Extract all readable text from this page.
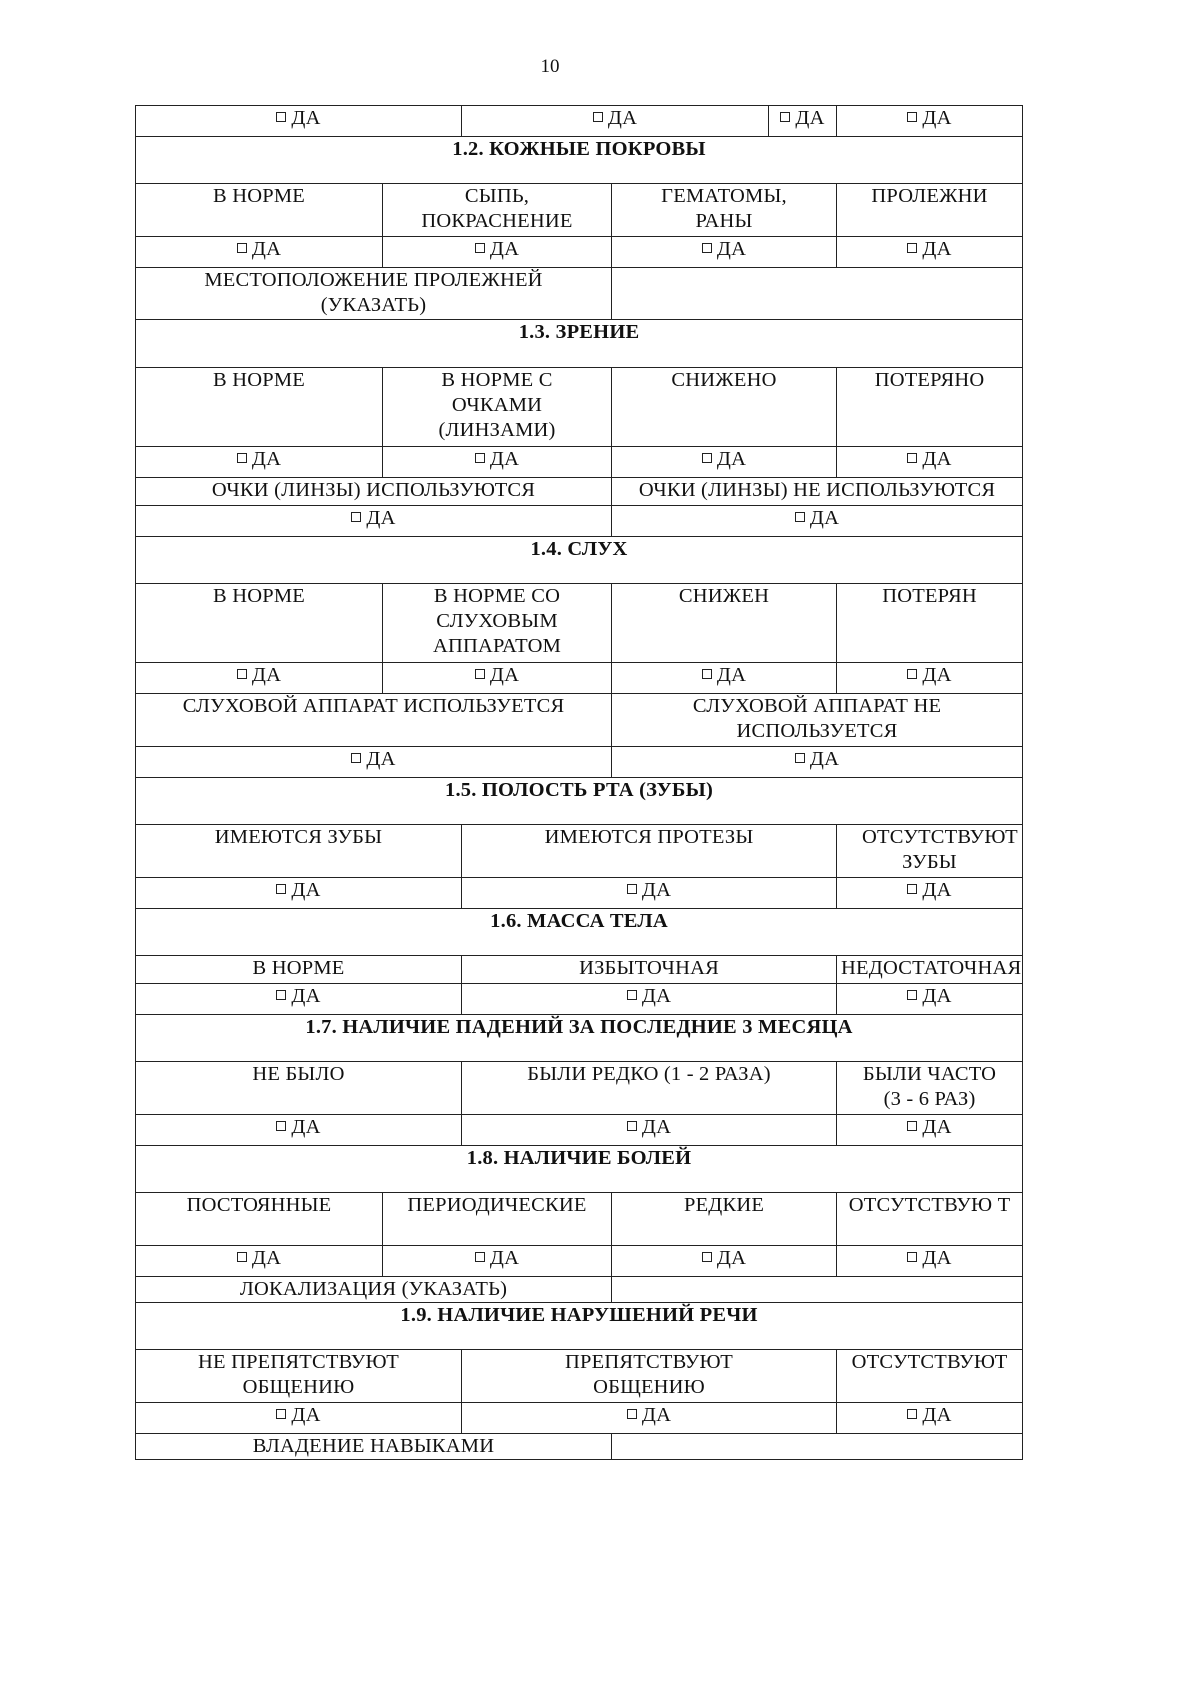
10
ДА		ДА		ДА	ДА
1.2. КОЖНЫЕ ПОКРОВЫ					
В НОРМЕ	СЫПЬ, ПОКРАСНЕНИЕ		ГЕМАТОМЫ, РАНЫ		ПРОЛЕЖНИ
ДА	ДА		ДА		ДА
МЕСТОПОЛОЖЕНИЕ ПРОЛЕЖНЕЙ (УКАЗАТЬ)					
1.3. ЗРЕНИЕ					
В НОРМЕ	В НОРМЕ С ОЧКАМИ (ЛИНЗАМИ)		СНИЖЕНО		ПОТЕРЯНО
ДА	ДА		ДА		ДА
ОЧКИ (ЛИНЗЫ) ИСПОЛЬЗУЮТСЯ			ОЧКИ (ЛИНЗЫ) НЕ ИСПОЛЬЗУЮТСЯ		
ДА			ДА		
1.4. СЛУХ					
В НОРМЕ	В НОРМЕ СО СЛУХОВЫМ АППАРАТОМ		СНИЖЕН		ПОТЕРЯН
ДА	ДА		ДА		ДА
СЛУХОВОЙ АППАРАТ ИСПОЛЬЗУЕТСЯ			СЛУХОВОЙ АППАРАТ НЕ ИСПОЛЬЗУЕТСЯ		
ДА			ДА		
1.5. ПОЛОСТЬ РТА (ЗУБЫ)					
ИМЕЮТСЯ ЗУБЫ		ИМЕЮТСЯ ПРОТЕЗЫ			ОТСУТСТВУЮТ ЗУБЫ
ДА		ДА			ДА
1.6. МАССА ТЕЛА					
В НОРМЕ		ИЗБЫТОЧНАЯ			НЕДОСТАТОЧНАЯ
ДА		ДА			ДА
1.7. НАЛИЧИЕ ПАДЕНИЙ ЗА ПОСЛЕДНИЕ 3 МЕСЯЦА					
НЕ БЫЛО		БЫЛИ РЕДКО (1 - 2 РАЗА)			БЫЛИ ЧАСТО (3 - 6 РАЗ)
ДА		ДА			ДА
1.8. НАЛИЧИЕ БОЛЕЙ					
ПОСТОЯННЫЕ	ПЕРИОДИЧЕСКИЕ		РЕДКИЕ		ОТСУТСТВУЮ Т
ДА	ДА		ДА		ДА
ЛОКАЛИЗАЦИЯ (УКАЗАТЬ)					
1.9. НАЛИЧИЕ НАРУШЕНИЙ РЕЧИ					
НЕ ПРЕПЯТСТВУЮТ ОБЩЕНИЮ		ПРЕПЯТСТВУЮТ ОБЩЕНИЮ			ОТСУТСТВУЮТ
ДА		ДА			ДА
ВЛАДЕНИЕ НАВЫКАМИ					
